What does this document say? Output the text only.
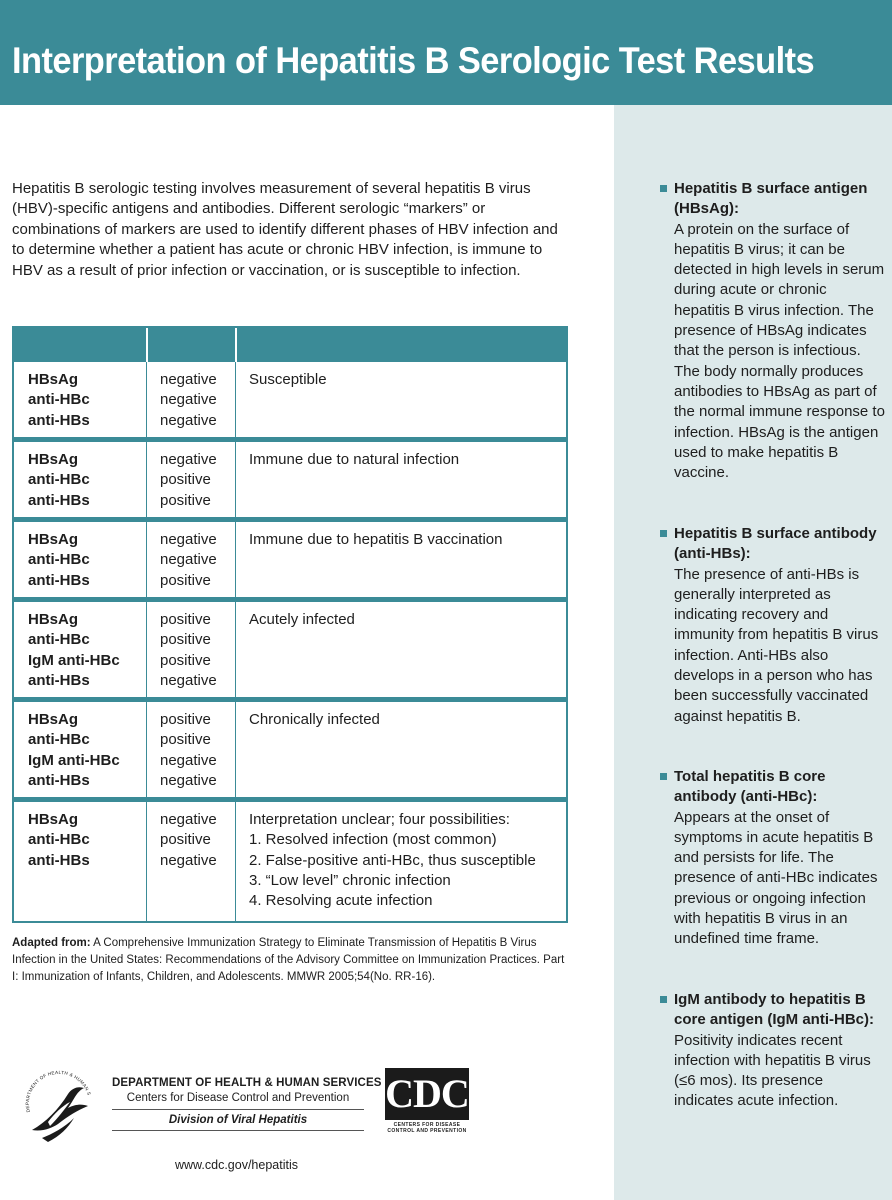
Interpretation of Hepatitis B Serologic Test Results
Hepatitis B surface antigen (HBsAg):
A protein on the surface of hepatitis B virus; it can be detected in high levels in serum during acute or chronic hepatitis B virus infection. The presence of HBsAg indicates that the person is infectious. The body normally produces antibodies to HBsAg as part of the normal immune response to infection. HBsAg is the antigen used to make hepatitis B vaccine.
Hepatitis B surface antibody (anti-HBs):
The presence of anti-HBs is generally interpreted as indicating recovery and immunity from hepatitis B virus infection. Anti-HBs also develops in a person who has been successfully vaccinated against hepatitis B.
Total hepatitis B core antibody (anti-HBc):
Appears at the onset of symptoms in acute hepatitis B and persists for life. The presence of anti-HBc indicates previous or ongoing infection with hepatitis B virus in an undefined time frame.
IgM antibody to hepatitis B core antigen (IgM anti-HBc):
Positivity indicates recent infection with hepatitis B virus (≤6 mos). Its presence indicates acute infection.

Hepatitis B serologic testing involves measurement of several hepatitis B virus (HBV)-specific antigens and antibodies. Different serologic “markers” or combinations of markers are used to identify different phases of HBV infection and to determine whether a patient has acute or chronic HBV infection, is immune to HBV as a result of prior infection or vaccination, or is susceptible to infection.

HBsAg
anti-HBc
anti-HBs
negative
negative
negative
Susceptible
HBsAg
anti-HBc
anti-HBs
negative
positive
positive
Immune due to natural infection
HBsAg
anti-HBc
anti-HBs
negative
negative
positive
Immune due to hepatitis B vaccination
HBsAg
anti-HBc
IgM anti-HBc
anti-HBs
positive
positive
positive
negative
Acutely infected
HBsAg
anti-HBc
IgM anti-HBc
anti-HBs
positive
positive
negative
negative
Chronically infected
HBsAg
anti-HBc
anti-HBs
negative
positive
negative
Interpretation unclear; four possibilities:
1. Resolved infection (most common)
2. False-positive anti-HBc, thus susceptible
3. “Low level” chronic infection
4. Resolving acute infection
Adapted from: A Comprehensive Immunization Strategy to Eliminate Transmission of Hepatitis B Virus Infection in the United States: Recommendations of the Advisory Committee on Immunization Practices. Part I: Immunization of Infants, Children, and Adolescents. MMWR 2005;54(No. RR-16).
DEPARTMENT OF HEALTH & HUMAN S
DEPARTMENT OF HEALTH & HUMAN SERVICES
Centers for Disease Control and Prevention
Division of Viral Hepatitis
CDC
CENTERS FOR DISEASE CONTROL AND PREVENTION
www.cdc.gov/hepatitis
